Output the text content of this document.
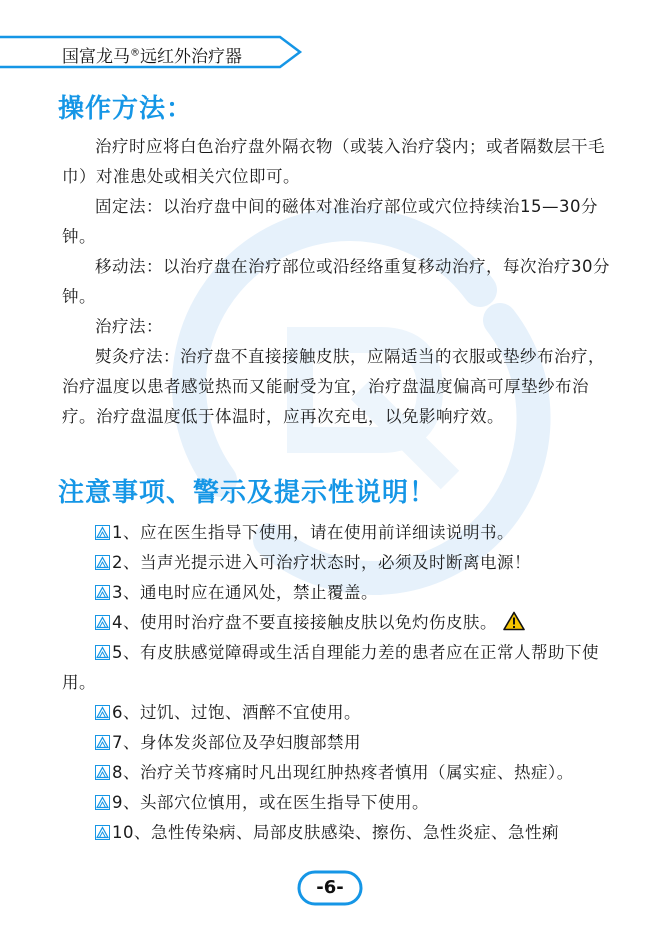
国富龙马®远红外治疗器
操作方法：
治疗时应将白色治疗盘外隔衣物（或装入治疗袋内；或者隔数层干毛巾）对准患处或相关穴位即可。
固定法：以治疗盘中间的磁体对准治疗部位或穴位持续治15—30分钟。
移动法：以治疗盘在治疗部位或沿经络重复移动治疗，每次治疗30分钟。
治疗法：
熨灸疗法：治疗盘不直接接触皮肤，应隔适当的衣服或垫纱布治疗，治疗温度以患者感觉热而又能耐受为宜，治疗盘温度偏高可厚垫纱布治疗。治疗盘温度低于体温时，应再次充电，以免影响疗效。
注意事项、警示及提示性说明！
1、应在医生指导下使用，请在使用前详细读说明书。
2、当声光提示进入可治疗状态时，必须及时断离电源！
3、通电时应在通风处，禁止覆盖。
4、使用时治疗盘不要直接接触皮肤以免灼伤皮肤。
5、有皮肤感觉障碍或生活自理能力差的患者应在正常人帮助下使用。
6、过饥、过饱、酒醉不宜使用。
7、身体发炎部位及孕妇腹部禁用
8、治疗关节疼痛时凡出现红肿热疼者慎用（属实症、热症）。
9、头部穴位慎用，或在医生指导下使用。
10、急性传染病、局部皮肤感染、擦伤、急性炎症、急性痢
-6-
